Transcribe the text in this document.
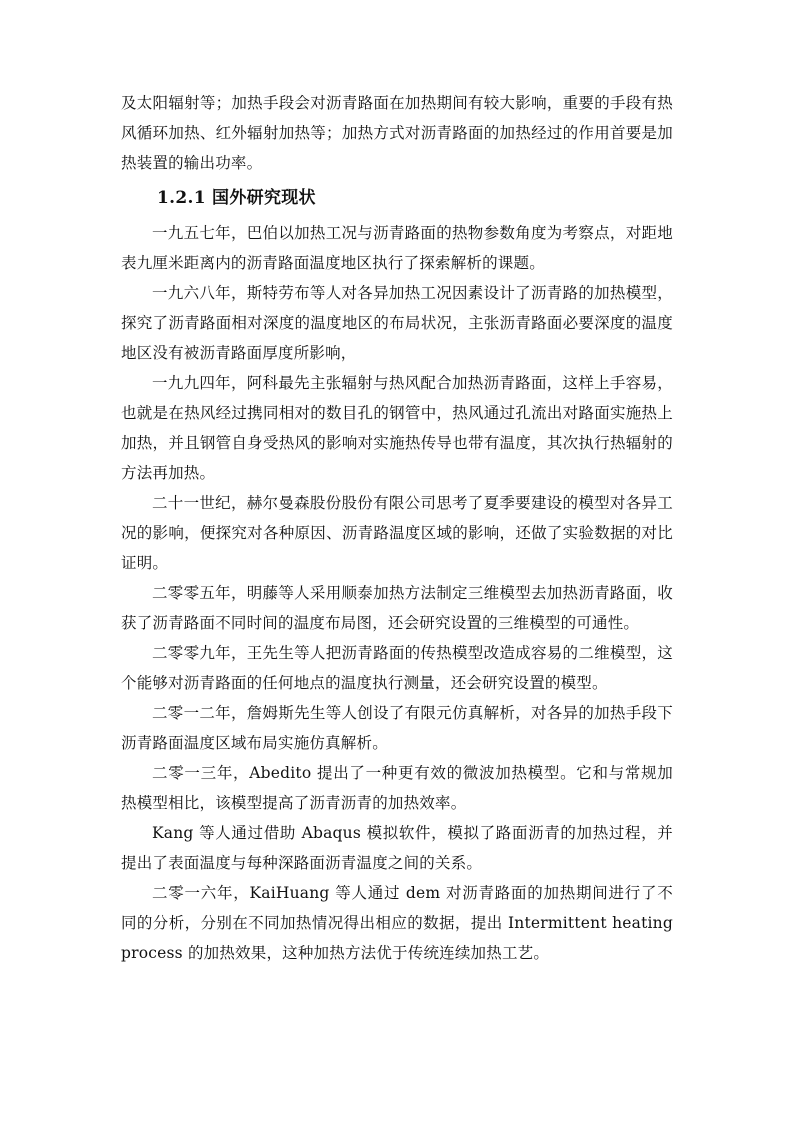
及太阳辐射等；加热手段会对沥青路面在加热期间有较大影响，重要的手段有热风循环加热、红外辐射加热等；加热方式对沥青路面的加热经过的作用首要是加热装置的输出功率。

1.2.1 国外研究现状

一九五七年，巴伯以加热工况与沥青路面的热物参数角度为考察点，对距地表九厘米距离内的沥青路面温度地区执行了探索解析的课题。

一九六八年，斯特劳布等人对各异加热工况因素设计了沥青路的加热模型，探究了沥青路面相对深度的温度地区的布局状况，主张沥青路面必要深度的温度地区没有被沥青路面厚度所影响，

一九九四年，阿科最先主张辐射与热风配合加热沥青路面，这样上手容易，也就是在热风经过携同相对的数目孔的钢管中，热风通过孔流出对路面实施热上加热，并且钢管自身受热风的影响对实施热传导也带有温度，其次执行热辐射的方法再加热。

二十一世纪，赫尔曼森股份股份有限公司思考了夏季要建设的模型对各异工况的影响，便探究对各种原因、沥青路温度区域的影响，还做了实验数据的对比证明。

二零零五年，明藤等人采用顺泰加热方法制定三维模型去加热沥青路面，收获了沥青路面不同时间的温度布局图，还会研究设置的三维模型的可通性。

二零零九年，王先生等人把沥青路面的传热模型改造成容易的二维模型，这个能够对沥青路面的任何地点的温度执行测量，还会研究设置的模型。

二零一二年，詹姆斯先生等人创设了有限元仿真解析，对各异的加热手段下沥青路面温度区域布局实施仿真解析。

二零一三年，Abedito 提出了一种更有效的微波加热模型。它和与常规加热模型相比，该模型提高了沥青沥青的加热效率。

Kang 等人通过借助 Abaqus 模拟软件，模拟了路面沥青的加热过程，并提出了表面温度与每种深路面沥青温度之间的关系。

二零一六年，KaiHuang 等人通过 dem 对沥青路面的加热期间进行了不同的分析，分别在不同加热情况得出相应的数据，提出 Intermittent heating process 的加热效果，这种加热方法优于传统连续加热工艺。
